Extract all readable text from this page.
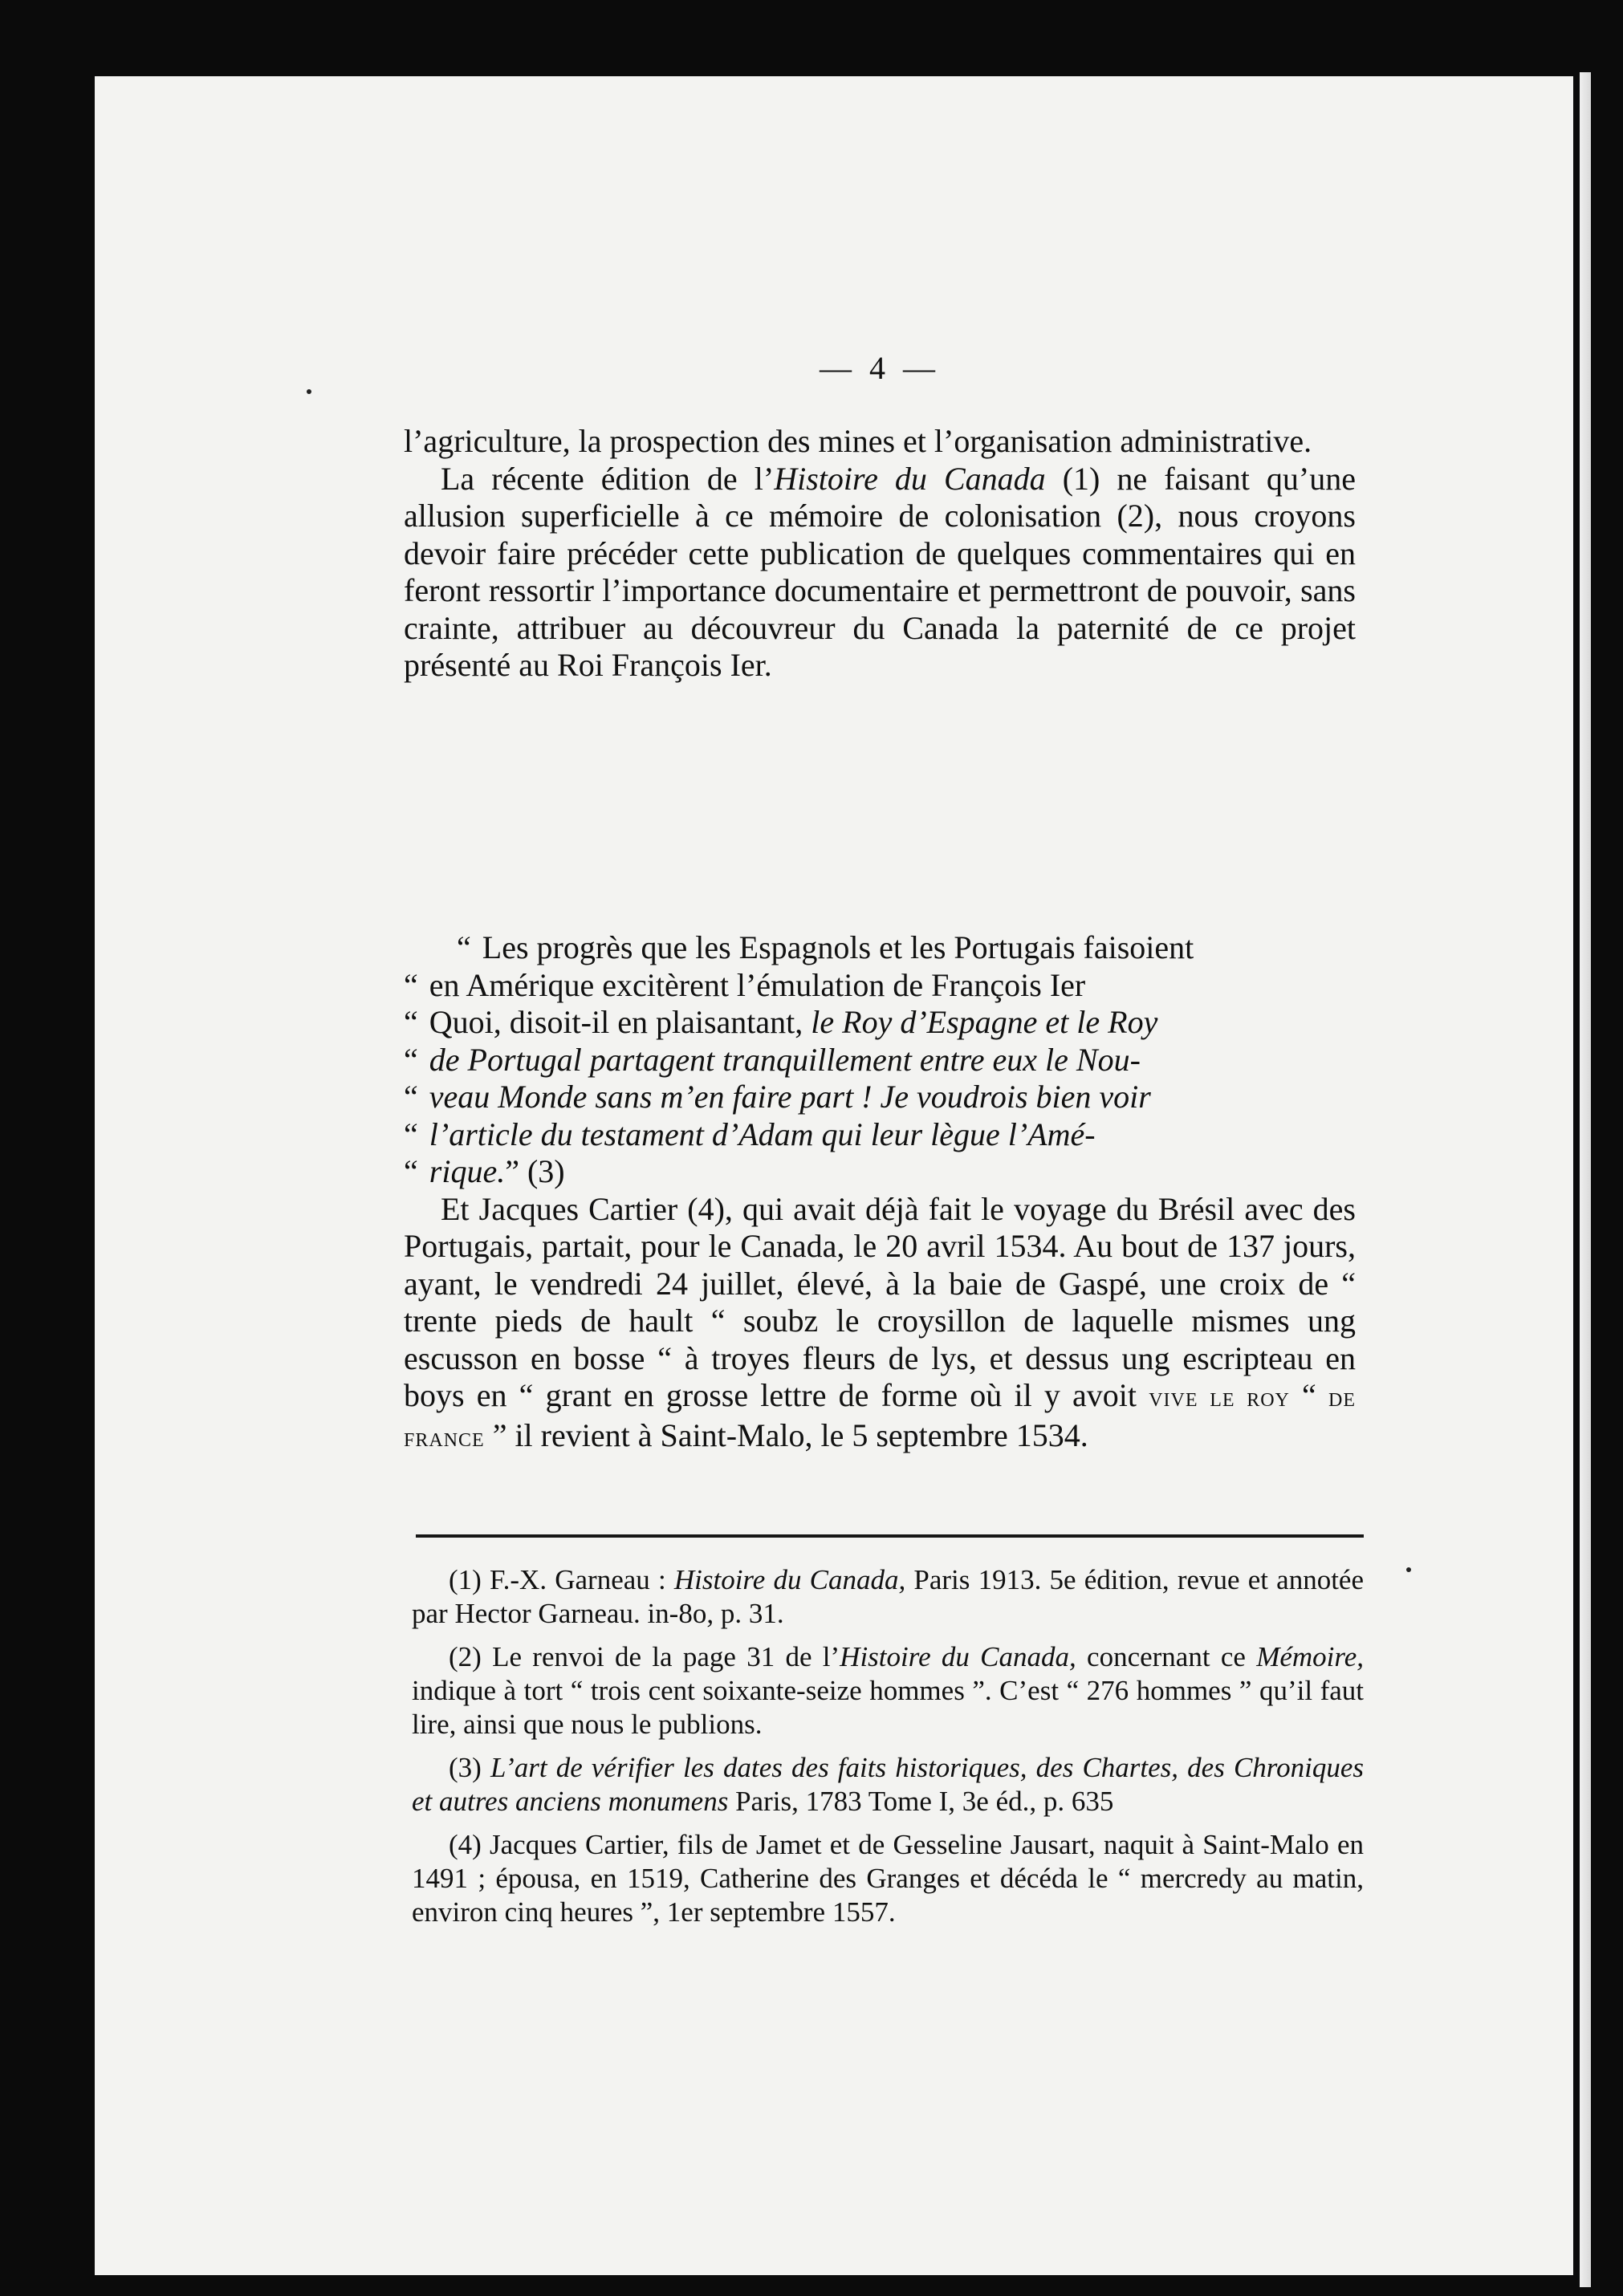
— 4 —

l’agriculture, la prospection des mines et l’organisation administrative.

La récente édition de l’Histoire du Canada (1) ne faisant qu’une allusion superficielle à ce mémoire de colonisation (2), nous croyons devoir faire précéder cette publication de quelques commentaires qui en feront ressortir l’importance documentaire et permettront de pouvoir, sans crainte, attribuer au découvreur du Canada la paternité de ce projet présenté au Roi François Ier.

“ Les progrès que les Espagnols et les Portugais faisoient

“ en Amérique excitèrent l’émulation de François Ier

“ Quoi, disoit-il en plaisantant, le Roy d’Espagne et le Roy

“ de Portugal partagent tranquillement entre eux le Nou-

“ veau Monde sans m’en faire part ! Je voudrois bien voir

“ l’article du testament d’Adam qui leur lègue l’Amé-

“ rique.” (3)

Et Jacques Cartier (4), qui avait déjà fait le voyage du Brésil avec des Portugais, partait, pour le Canada, le 20 avril 1534. Au bout de 137 jours, ayant, le vendredi 24 juillet, élevé, à la baie de Gaspé, une croix de “ trente pieds de hault “ soubz le croysillon de laquelle mismes ung escusson en bosse “ à troyes fleurs de lys, et dessus ung escripteau en boys en “ grant en grosse lettre de forme où il y avoit vive le roy “ de france ” il revient à Saint-Malo, le 5 septembre 1534.

(1) F.-X. Garneau : Histoire du Canada, Paris 1913. 5e édition, revue et annotée par Hector Garneau. in-8o, p. 31.

(2) Le renvoi de la page 31 de l’Histoire du Canada, concernant ce Mémoire, indique à tort “ trois cent soixante-seize hommes ”. C’est “ 276 hommes ” qu’il faut lire, ainsi que nous le publions.

(3) L’art de vérifier les dates des faits historiques, des Chartes, des Chroniques et autres anciens monumens Paris, 1783 Tome I, 3e éd., p. 635

(4) Jacques Cartier, fils de Jamet et de Gesseline Jausart, naquit à Saint-Malo en 1491 ; épousa, en 1519, Catherine des Granges et décéda le “ mercredy au matin, environ cinq heures ”, 1er septembre 1557.
